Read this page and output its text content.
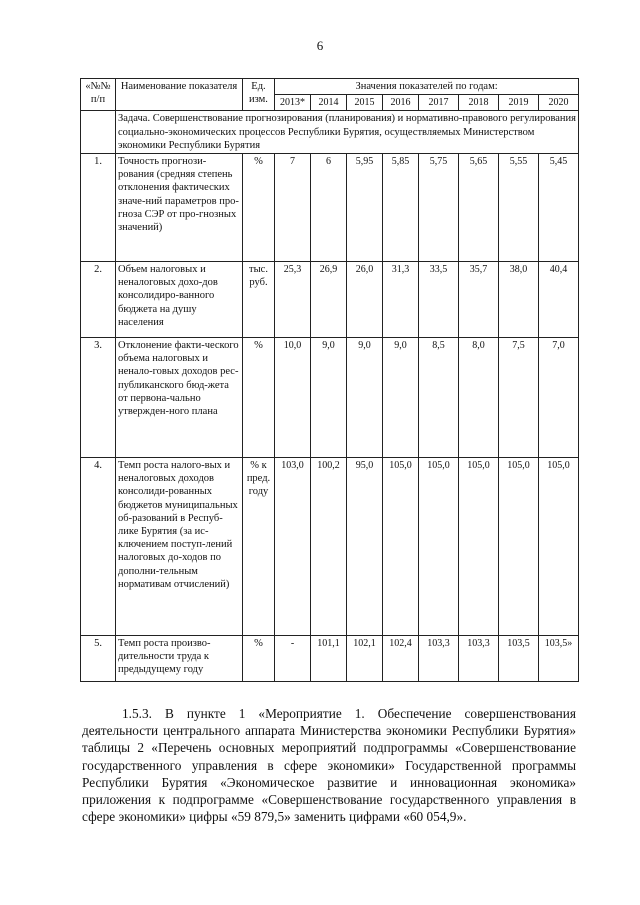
6
«№№ п/п	Наименование показателя	Ед. изм.	Значения показателей по годам:							
			2013*	2014	2015	2016	2017	2018	2019	2020
	Задача. Совершенствование прогнозирования (планирования) и нормативно-правового регулирования социально-экономических процессов Республики Бурятия, осуществляемых Министерством экономики Республики Бурятия									
1.	Точность прогнози-рования (средняя степень отклонения фактических значе-ний параметров про-гноза СЭР от про-гнозных значений)	%	7	6	5,95	5,85	5,75	5,65	5,55	5,45
2.	Объем налоговых и неналоговых дохо-дов консолидиро-ванного бюджета на душу населения	тыс. руб.	25,3	26,9	26,0	31,3	33,5	35,7	38,0	40,4
3.	Отклонение факти-ческого объема налоговых и ненало-говых доходов рес-публиканского бюд-жета от первона-чально утвержден-ного плана	%	10,0	9,0	9,0	9,0	8,5	8,0	7,5	7,0
4.	Темп роста налого-вых и неналоговых доходов консолиди-рованных бюджетов муниципальных об-разований в Респуб-лике Бурятия (за ис-ключением поступ-лений налоговых до-ходов по дополни-тельным нормативам отчислений)	% к пред. году	103,0	100,2	95,0	105,0	105,0	105,0	105,0	105,0
5.	Темп роста произво-дительности труда к предыдущему году	%	-	101,1	102,1	102,4	103,3	103,3	103,5	103,5»
1.5.3. В пункте 1 «Мероприятие 1. Обеспечение совершенствования деятельности центрального аппарата Министерства экономики Республики Бурятия» таблицы 2 «Перечень основных мероприятий подпрограммы «Совершенствование государственного управления в сфере экономики» Государственной программы Республики Бурятия «Экономическое развитие и инновационная экономика» приложения к подпрограмме «Совершенствование государственного управления в сфере экономики» цифры «59 879,5» заменить цифрами «60 054,9».
